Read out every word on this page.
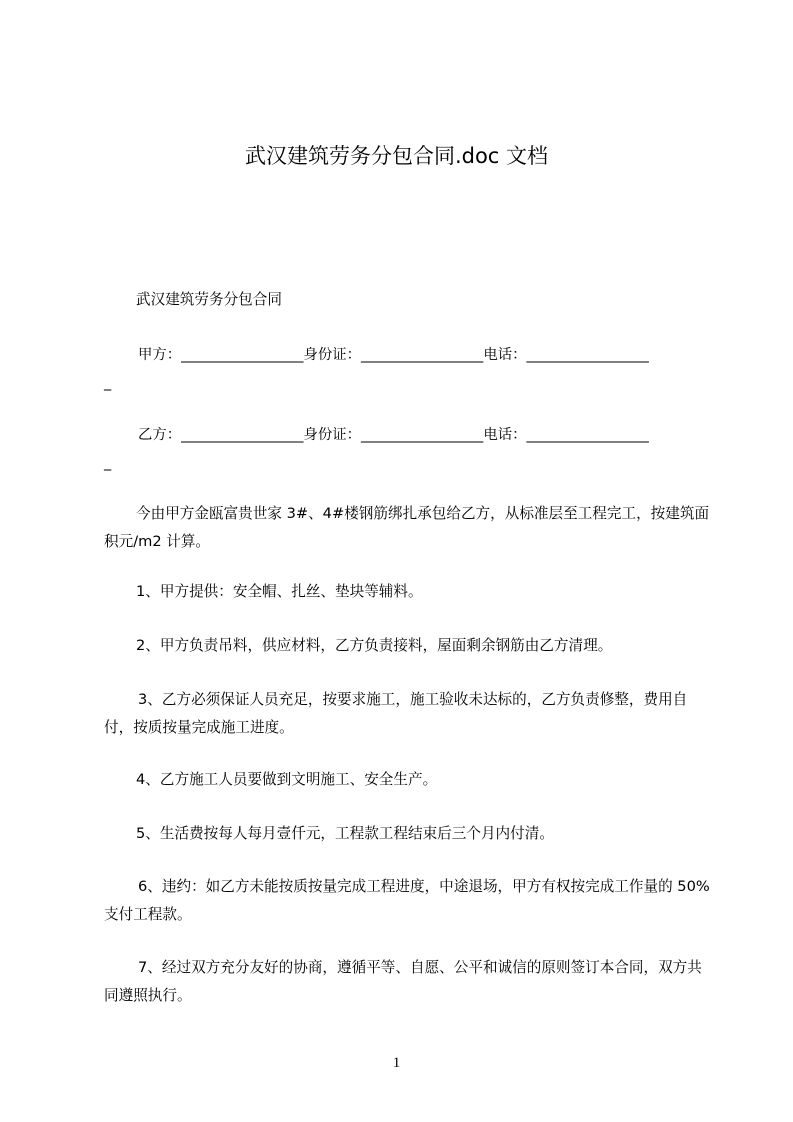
武汉建筑劳务分包合同.doc 文档

武汉建筑劳务分包合同

甲方：_________________身份证：_________________电话：_________________

_

乙方：_________________身份证：_________________电话：_________________

_

今由甲方金瓯富贵世家 3#、4#楼钢筋绑扎承包给乙方，从标准层至工程完工，按建筑面积元/m2 计算。

1、甲方提供：安全帽、扎丝、垫块等辅料。

2、甲方负责吊料，供应材料，乙方负责接料，屋面剩余钢筋由乙方清理。

3、乙方必须保证人员充足，按要求施工，施工验收未达标的，乙方负责修整，费用自付，按质按量完成施工进度。

4、乙方施工人员要做到文明施工、安全生产。

5、生活费按每人每月壹仟元，工程款工程结束后三个月内付清。

6、违约：如乙方未能按质按量完成工程进度，中途退场，甲方有权按完成工作量的 50%支付工程款。

7、经过双方充分友好的协商，遵循平等、自愿、公平和诚信的原则签订本合同，双方共同遵照执行。

1
